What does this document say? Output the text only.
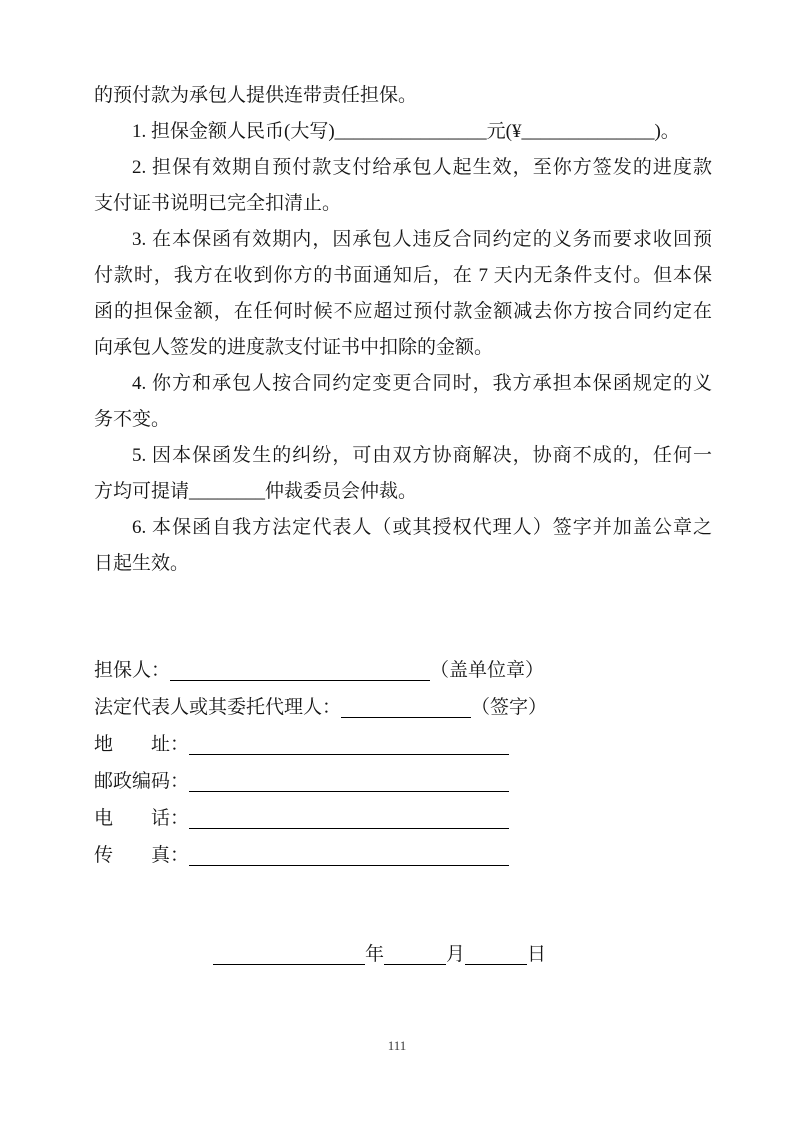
的预付款为承包人提供连带责任担保。
1. 担保金额人民币(大写)________________元(¥______________)。
2. 担保有效期自预付款支付给承包人起生效，至你方签发的进度款
支付证书说明已完全扣清止。
3. 在本保函有效期内，因承包人违反合同约定的义务而要求收回预
付款时，我方在收到你方的书面通知后，在 7 天内无条件支付。但本保
函的担保金额，在任何时候不应超过预付款金额减去你方按合同约定在
向承包人签发的进度款支付证书中扣除的金额。
4. 你方和承包人按合同约定变更合同时，我方承担本保函规定的义
务不变。
5. 因本保函发生的纠纷，可由双方协商解决，协商不成的，任何一
方均可提请________仲裁委员会仲裁。
6. 本保函自我方法定代表人（或其授权代理人）签字并加盖公章之
日起生效。
担保人：	（盖单位章）
法定代表人或其委托代理人：	（签字）
地　　址：
邮政编码：
电　　话：
传　　真：
年	月	日
111
